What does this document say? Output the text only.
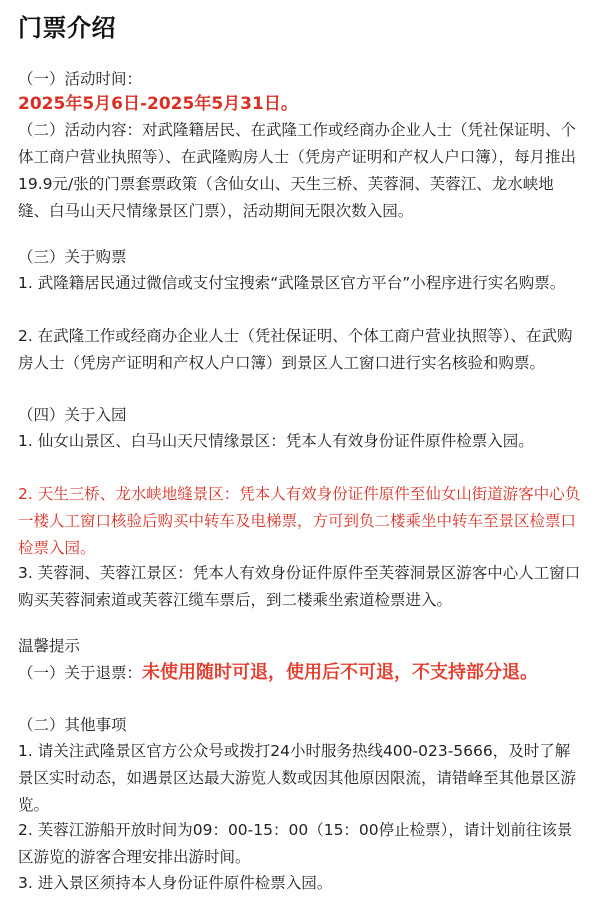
门票介绍
（一）活动时间：
2025年5月6日-2025年5月31日。
（二）活动内容：对武隆籍居民、在武隆工作或经商办企业人士（凭社保证明、个体工商户营业执照等）、在武隆购房人士（凭房产证明和产权人户口簿），每月推出19.9元/张的门票套票政策（含仙女山、天生三桥、芙蓉洞、芙蓉江、龙水峡地缝、白马山天尺情缘景区门票），活动期间无限次数入园。
（三）关于购票
1. 武隆籍居民通过微信或支付宝搜索“武隆景区官方平台”小程序进行实名购票。
2. 在武隆工作或经商办企业人士（凭社保证明、个体工商户营业执照等）、在武购房人士（凭房产证明和产权人户口簿）到景区人工窗口进行实名核验和购票。
（四）关于入园
1. 仙女山景区、白马山天尺情缘景区：凭本人有效身份证件原件检票入园。
2. 天生三桥、龙水峡地缝景区：凭本人有效身份证件原件至仙女山街道游客中心负一楼人工窗口核验后购买中转车及电梯票，方可到负二楼乘坐中转车至景区检票口检票入园。
3. 芙蓉洞、芙蓉江景区：凭本人有效身份证件原件至芙蓉洞景区游客中心人工窗口购买芙蓉洞索道或芙蓉江缆车票后，到二楼乘坐索道检票进入。
温馨提示
（一）关于退票：未使用随时可退，使用后不可退，不支持部分退。
（二）其他事项
1. 请关注武隆景区官方公众号或拨打24小时服务热线400-023-5666，及时了解景区实时动态，如遇景区达最大游览人数或因其他原因限流，请错峰至其他景区游览。
2. 芙蓉江游船开放时间为09：00-15：00（15：00停止检票），请计划前往该景区游览的游客合理安排出游时间。
3. 进入景区须持本人身份证件原件检票入园。
